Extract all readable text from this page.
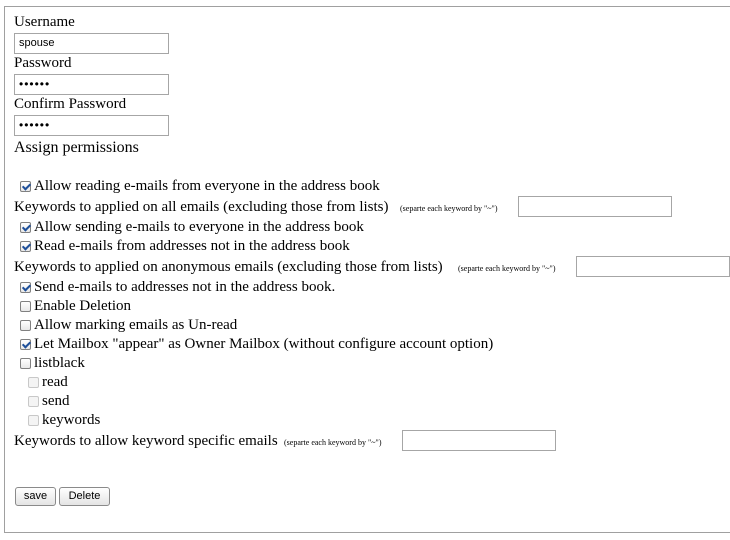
Username
spouse
Password
••••••
Confirm Password
••••••
Assign permissions
Allow reading e-mails from everyone in the address book
Keywords to applied on all emails (excluding those from lists) (separte each keyword by "~")
Allow sending e-mails to everyone in the address book
Read e-mails from addresses not in the address book
Keywords to applied on anonymous emails (excluding those from lists) (separte each keyword by "~")
Send e-mails to addresses not in the address book.
Enable Deletion
Allow marking emails as Un-read
Let Mailbox "appear" as Owner Mailbox (without configure account option)
listblack
read
send
keywords
Keywords to allow keyword specific emails (separte each keyword by "~")
save	Delete
